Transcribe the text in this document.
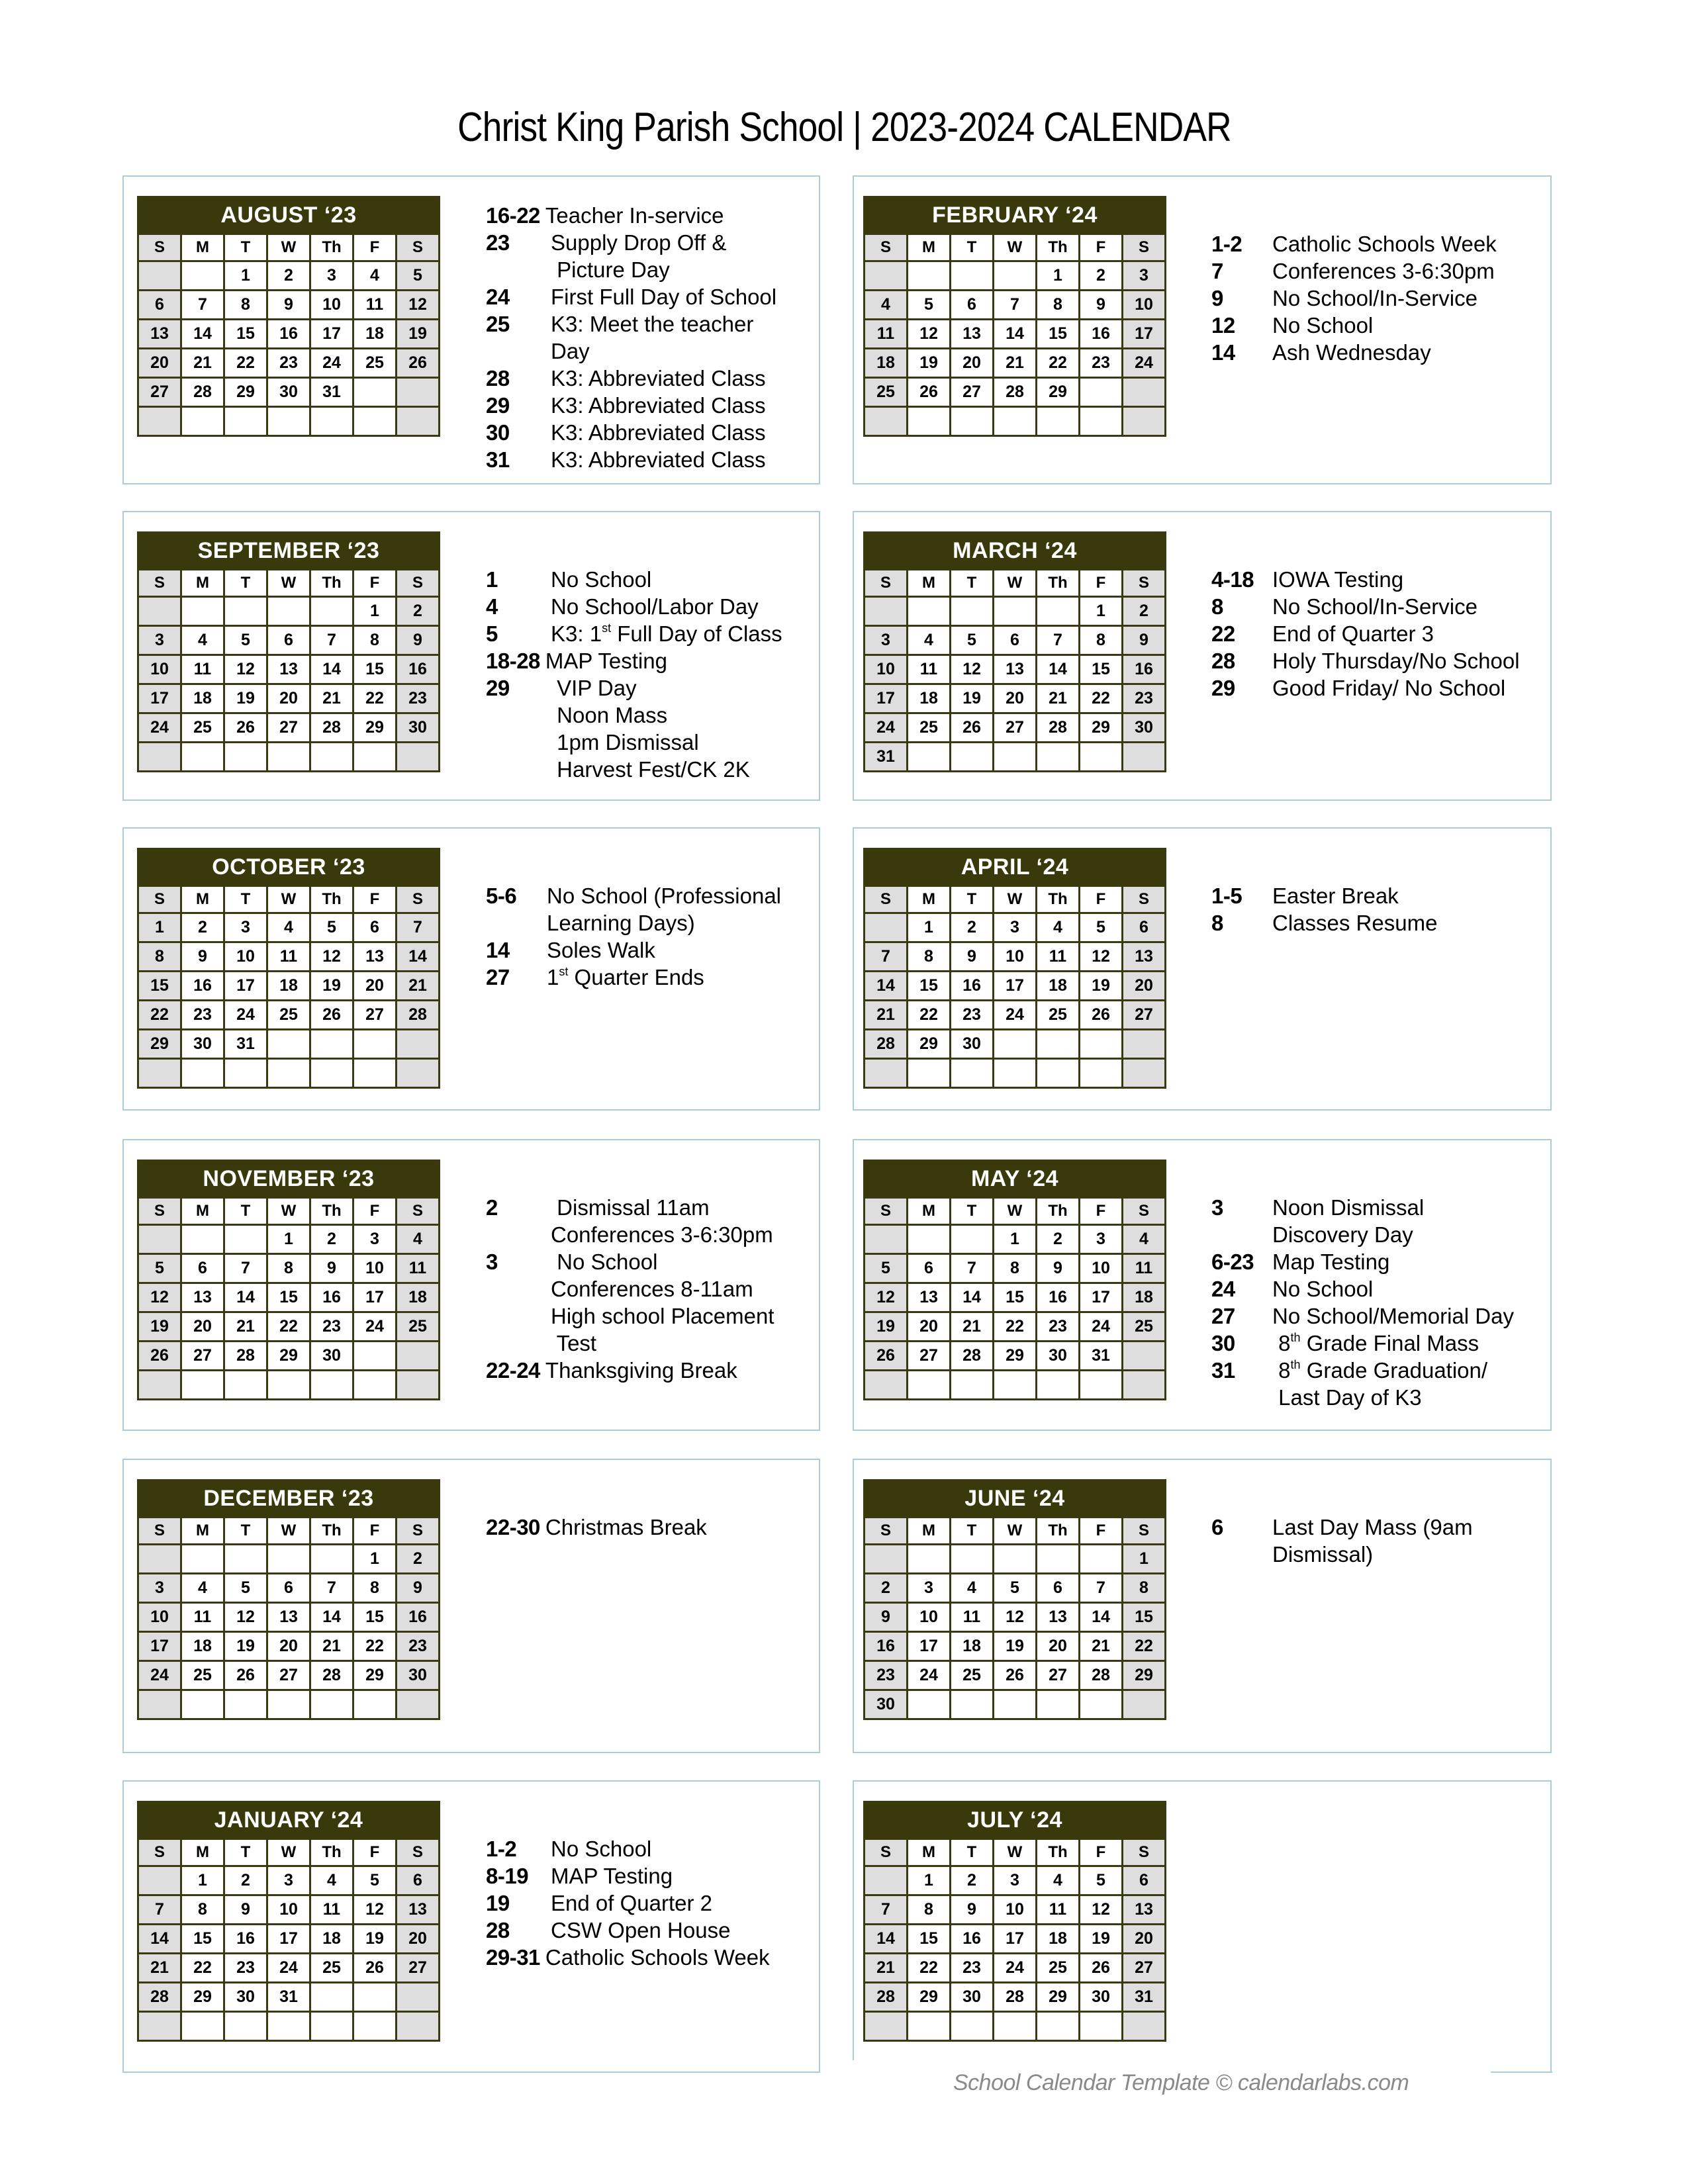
Christ King Parish School | 2023-2024 CALENDAR
AUGUST ‘23						
S	M	T	W	Th	F	S
		1	2	3	4	5
6	7	8	9	10	11	12
13	14	15	16	17	18	19
20	21	22	23	24	25	26
27	28	29	30	31		

16-22 Teacher In-service
23	Supply Drop Off &
Picture Day
24	First Full Day of School
25	K3: Meet the teacher
Day
28	K3: Abbreviated Class
29	K3: Abbreviated Class
30	K3: Abbreviated Class
31	K3: Abbreviated Class
SEPTEMBER ‘23						
S	M	T	W	Th	F	S
					1	2
3	4	5	6	7	8	9
10	11	12	13	14	15	16
17	18	19	20	21	22	23
24	25	26	27	28	29	30

1	No School
4	No School/Labor Day
5	K3: 1st Full Day of Class
18-28 MAP Testing
29	VIP Day
Noon Mass
1pm Dismissal
Harvest Fest/CK 2K
OCTOBER ‘23						
S	M	T	W	Th	F	S
1	2	3	4	5	6	7
8	9	10	11	12	13	14
15	16	17	18	19	20	21
22	23	24	25	26	27	28
29	30	31				

5-6	No School (Professional
Learning Days)
14	Soles Walk
27	1st Quarter Ends
NOVEMBER ‘23						
S	M	T	W	Th	F	S
			1	2	3	4
5	6	7	8	9	10	11
12	13	14	15	16	17	18
19	20	21	22	23	24	25
26	27	28	29	30		

2	Dismissal 11am
Conferences 3-6:30pm
3	No School
Conferences 8-11am
High school Placement
Test
22-24 Thanksgiving Break
DECEMBER ‘23						
S	M	T	W	Th	F	S
					1	2
3	4	5	6	7	8	9
10	11	12	13	14	15	16
17	18	19	20	21	22	23
24	25	26	27	28	29	30

22-30 Christmas Break
JANUARY ‘24						
S	M	T	W	Th	F	S
	1	2	3	4	5	6
7	8	9	10	11	12	13
14	15	16	17	18	19	20
21	22	23	24	25	26	27
28	29	30	31			

1-2	No School
8-19	MAP Testing
19	End of Quarter 2
28	CSW Open House
29-31 Catholic Schools Week
FEBRUARY ‘24						
S	M	T	W	Th	F	S
				1	2	3
4	5	6	7	8	9	10
11	12	13	14	15	16	17
18	19	20	21	22	23	24
25	26	27	28	29		

1-2	Catholic Schools Week
7	Conferences 3-6:30pm
9	No School/In-Service
12	No School
14	Ash Wednesday
MARCH ‘24						
S	M	T	W	Th	F	S
					1	2
3	4	5	6	7	8	9
10	11	12	13	14	15	16
17	18	19	20	21	22	23
24	25	26	27	28	29	30
31						
4-18 IOWA Testing
8	No School/In-Service
22	End of Quarter 3
28	Holy Thursday/No School
29	Good Friday/ No School
APRIL ‘24						
S	M	T	W	Th	F	S
	1	2	3	4	5	6
7	8	9	10	11	12	13
14	15	16	17	18	19	20
21	22	23	24	25	26	27
28	29	30				

1-5	Easter Break
8	Classes Resume
MAY ‘24						
S	M	T	W	Th	F	S
			1	2	3	4
5	6	7	8	9	10	11
12	13	14	15	16	17	18
19	20	21	22	23	24	25
26	27	28	29	30	31	

3	Noon Dismissal
Discovery Day
6-23 Map Testing
24	No School
27	No School/Memorial Day
30	8th Grade Final Mass
31	8th Grade Graduation/
Last Day of K3
JUNE ‘24						
S	M	T	W	Th	F	S
						1
2	3	4	5	6	7	8
9	10	11	12	13	14	15
16	17	18	19	20	21	22
23	24	25	26	27	28	29
30						
6	Last Day Mass (9am
Dismissal)
JULY ‘24						
S	M	T	W	Th	F	S
	1	2	3	4	5	6
7	8	9	10	11	12	13
14	15	16	17	18	19	20
21	22	23	24	25	26	27
28	29	30	28	29	30	31

School Calendar Template © calendarlabs.com
